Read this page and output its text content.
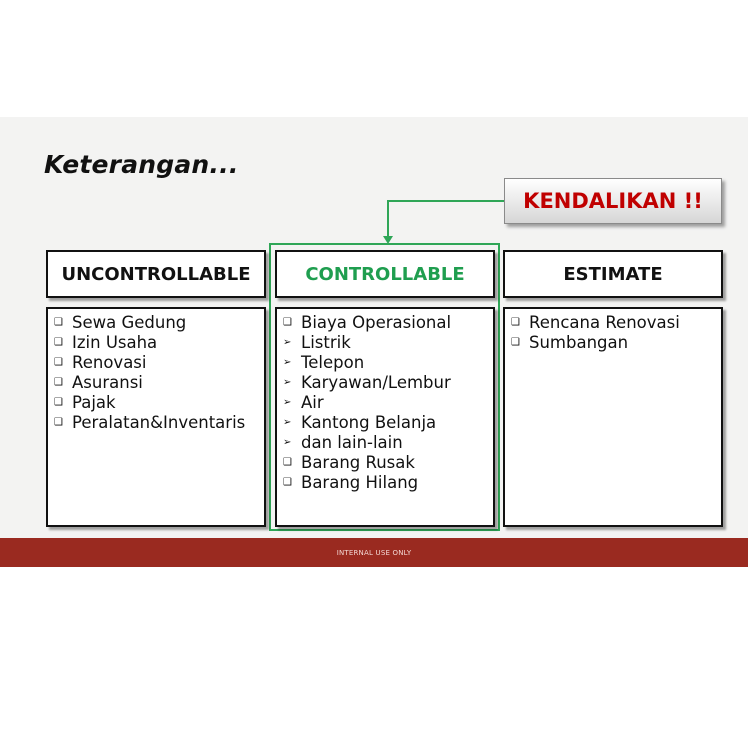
Keterangan...
KENDALIKAN !!
UNCONTROLLABLE	CONTROLLABLE	ESTIMATE
❑ Sewa Gedung
❑ Izin Usaha
❑ Renovasi
❑ Asuransi
❑ Pajak
❑ Peralatan&Inventaris
❑ Biaya Operasional
➢ Listrik
➢ Telepon
➢ Karyawan/Lembur
➢ Air
➢ Kantong Belanja
➢ dan lain-lain
❑ Barang Rusak
❑ Barang Hilang
❑ Rencana Renovasi
❑ Sumbangan
INTERNAL USE ONLY
